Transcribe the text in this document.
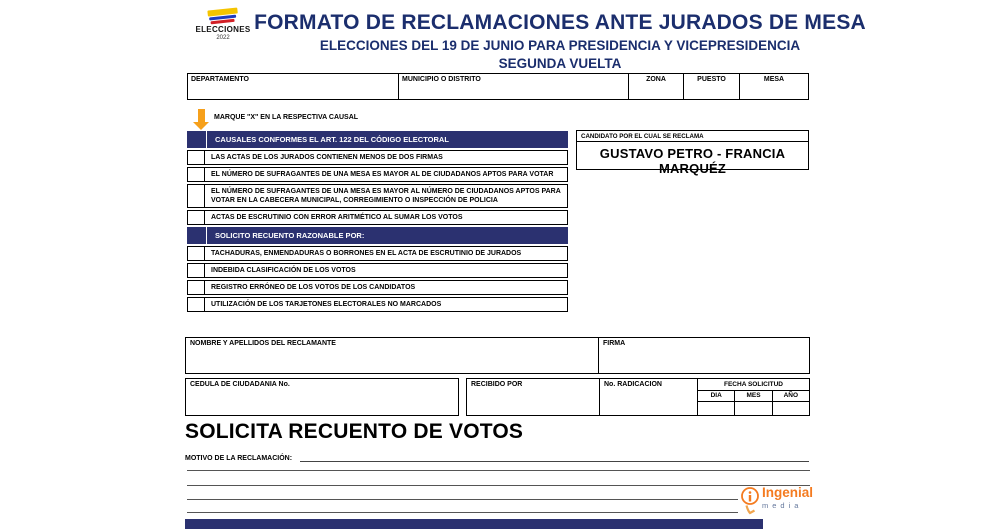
ELECCIONES
2022
FORMATO DE RECLAMACIONES ANTE JURADOS DE MESA
ELECCIONES DEL 19 DE JUNIO PARA PRESIDENCIA Y VICEPRESIDENCIA
SEGUNDA VUELTA
DEPARTAMENTO	MUNICIPIO O DISTRITO	ZONA	PUESTO	MESA
MARQUE "X" EN LA RESPECTIVA CAUSAL
CAUSALES CONFORMES EL ART. 122 DEL CÓDIGO ELECTORAL
LAS ACTAS DE LOS JURADOS CONTIENEN MENOS DE DOS FIRMAS
EL NÚMERO DE SUFRAGANTES DE UNA MESA ES MAYOR AL DE CIUDADANOS APTOS PARA VOTAR
EL NÚMERO DE SUFRAGANTES DE UNA MESA ES MAYOR AL NÚMERO DE CIUDADANOS APTOS PARA VOTAR EN LA CABECERA MUNICIPAL, CORREGIMIENTO O INSPECCIÓN DE POLICIA
ACTAS DE ESCRUTINIO CON ERROR ARITMÉTICO AL SUMAR LOS VOTOS
SOLICITO RECUENTO RAZONABLE POR:
TACHADURAS, ENMENDADURAS O BORRONES EN EL ACTA DE ESCRUTINIO DE JURADOS
INDEBIDA CLASIFICACIÓN DE LOS VOTOS
REGISTRO ERRÓNEO DE LOS VOTOS DE LOS CANDIDATOS
UTILIZACIÓN DE LOS TARJETONES ELECTORALES NO MARCADOS
CANDIDATO POR EL CUAL SE RECLAMA
GUSTAVO PETRO - FRANCIA MARQUÉZ
NOMBRE Y APELLIDOS DEL RECLAMANTE	FIRMA
CEDULA DE CIUDADANIA No.	RECIBIDO POR	No. RADICACION	FECHA SOLICITUD
DIA	MES	AÑO
SOLICITA RECUENTO DE VOTOS
MOTIVO DE LA RECLAMACIÓN:
Ingenial
media
